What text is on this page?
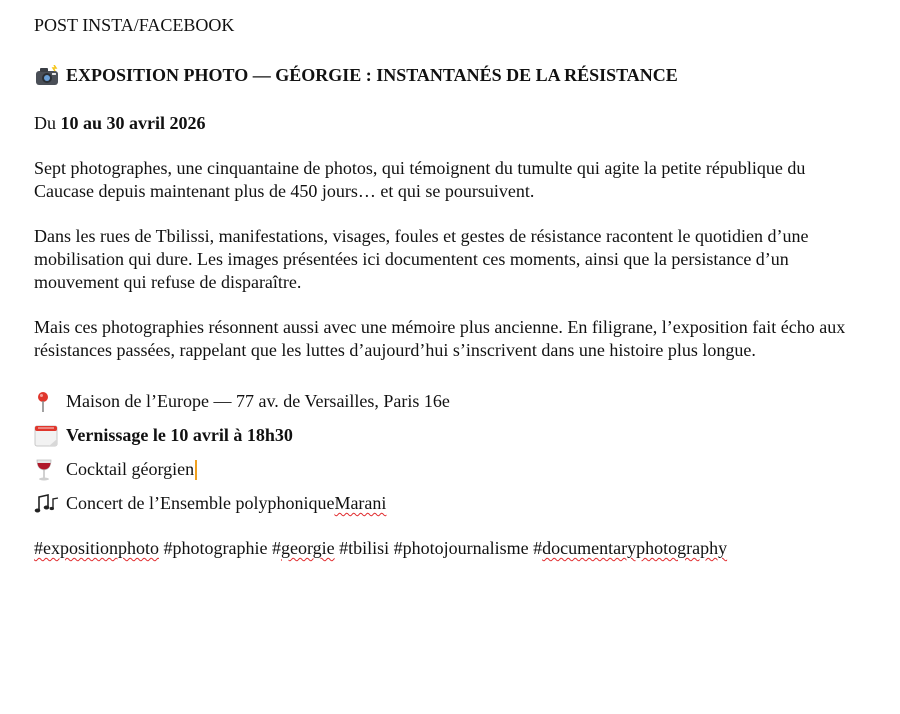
POST INSTA/FACEBOOK

EXPOSITION PHOTO — GÉORGIE : INSTANTANÉS DE LA RÉSISTANCE

Du 10 au 30 avril 2026

Sept photographes, une cinquantaine de photos, qui témoignent du tumulte qui agite la petite république du Caucase depuis maintenant plus de 450 jours… et qui se poursuivent.

Dans les rues de Tbilissi, manifestations, visages, foules et gestes de résistance racontent le quotidien d’une mobilisation qui dure. Les images présentées ici documentent ces moments, ainsi que la persistance d’un mouvement qui refuse de disparaître.

Mais ces photographies résonnent aussi avec une mémoire plus ancienne. En filigrane, l’exposition fait écho aux résistances passées, rappelant que les luttes d’aujourd’hui s’inscrivent dans une histoire plus longue.

Maison de l’Europe — 77 av. de Versailles, Paris 16e
Vernissage le 10 avril à 18h30
Cocktail géorgien
Concert de l’Ensemble polyphonique Marani

#expositionphoto #photographie #georgie #tbilisi #photojournalisme #documentaryphotography
